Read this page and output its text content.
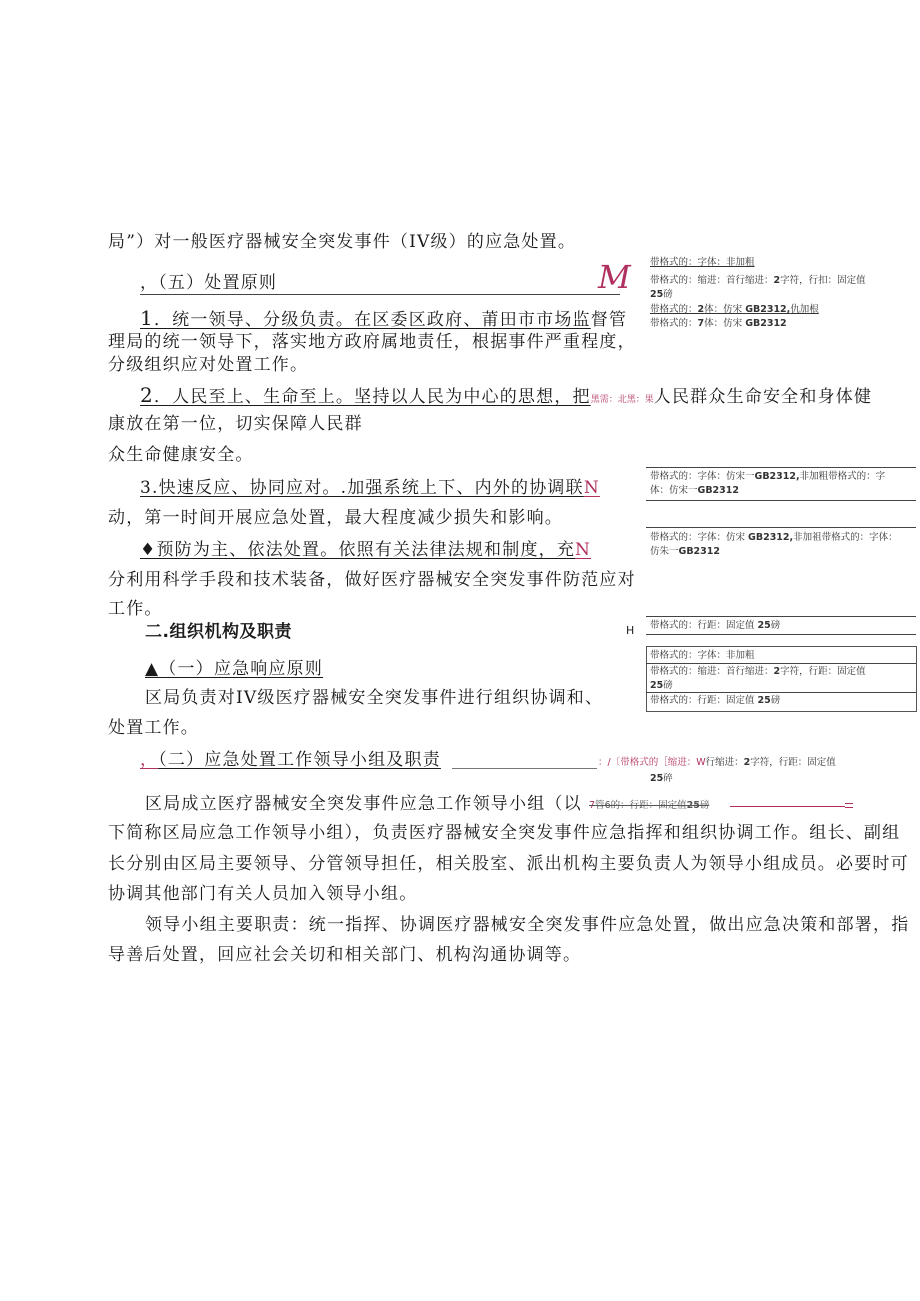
局”）对一般医疗器械安全突发事件（IV级）的应急处置。
，（五）处置原则	M
1．统一领导、分级负责。在区委区政府、莆田市市场监督管
理局的统一领导下，落实地方政府属地责任，根据事件严重程度，
分级组织应对处置工作。
2．人民至上、生命至上。坚持以人民为中心的思想，把黑需：北黑：果人民群众生命安全和身体健
康放在第一位，切实保障人民群
众生命健康安全。
3.快速反应、协同应对。.加强系统上下、内外的协调联N
动，第一时间开展应急处置，最大程度减少损失和影响。
♦预防为主、依法处置。依照有关法律法规和制度，充N
分利用科学手段和技术装备，做好医疗器械安全突发事件防范应对
工作。
二.组织机构及职责	H
▲（一）应急响应原则
区局负责对IV级医疗器械安全突发事件进行组织协调和、
处置工作。
，（二）应急处置工作领导小组及职责
区局成立医疗器械安全突发事件应急工作领导小组（以
下简称区局应急工作领导小组），负责医疗器械安全突发事件应急指挥和组织协调工作。组长、副组
长分别由区局主要领导、分管领导担任，相关股室、派出机构主要负责人为领导小组成员。必要时可
协调其他部门有关人员加入领导小组。
领导小组主要职责：统一指挥、协调医疗器械安全突发事件应急处置，做出应急决策和部署，指
导善后处置，回应社会关切和相关部门、机构沟通协调等。
带格式的：字体：非加粗
带格式的：缩进：首行缩进：2字符，行扣：固定值
25磅
带格式的：2体：仿宋 GB2312,仇加根
带格式的：7体：仿宋 GB2312
带格式的：字体：仿宋一GB2312,非加粗带格式的：字
体：仿宋一GB2312
带格式的：字体：仿宋 GB2312,非加祖带格式的：字体：
仿朱一GB2312
带格式的：行距：固定值 25磅
带格式的：字体：非加粗
带格式的：缩进：首行缩进：2字符，行距：固定值
25磅
带格式的：行距：固定值 25磅
：/〔带格式的［缩进：W行缩进：2字符，行距：固定值
25碎
7管6的：行距：固定值25磅
